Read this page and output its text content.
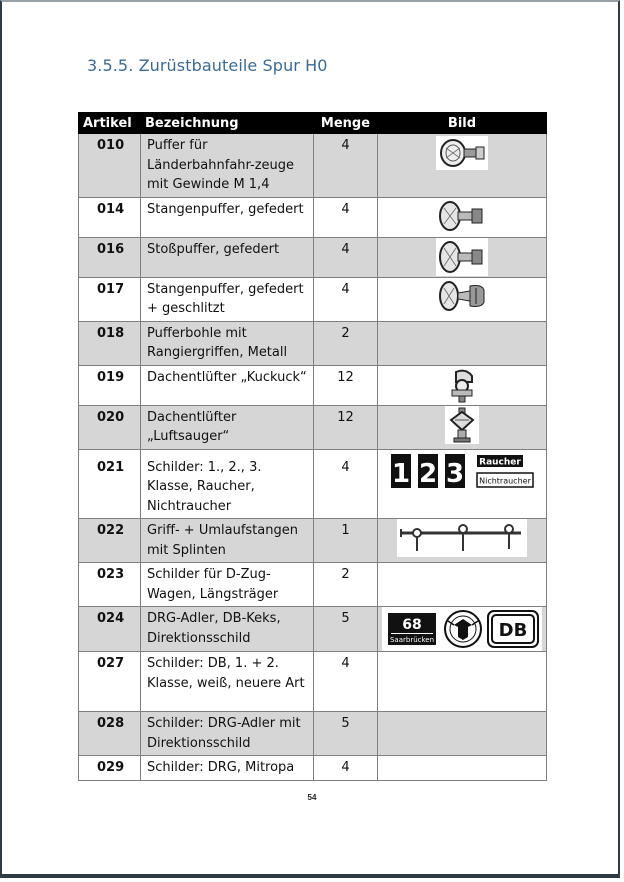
3.5.5. Zurüstbauteile Spur H0
Artikel	Bezeichnung	Menge	Bild
010	Puffer für Länderbahnfahr-zeuge mit Gewinde M 1,4	4	

014	Stangenpuffer, gefedert	4	

016	Stoßpuffer, gefedert	4	

017	Stangenpuffer, gefedert + geschlitzt	4	

018	Pufferbohle mit Rangiergriffen, Metall	2	
019	Dachentlüfter „Kuckuck“	12	

020	Dachentlüfter „Luftsauger“	12	

021	Schilder: 1., 2., 3. Klasse, Raucher, Nichtraucher	4	1 2 3 Raucher
Nichtraucher

022	Griff- + Umlaufstangen mit Splinten	1	

023	Schilder für D-Zug-Wagen, Längsträger	2	
024	DRG-Adler, DB-Keks, Direktionsschild	5	68
Saarbrücken DB

027	Schilder: DB, 1. + 2. Klasse, weiß, neuere Art	4	
028	Schilder: DRG-Adler mit Direktionsschild	5	
029	Schilder: DRG, Mitropa	4	
54
